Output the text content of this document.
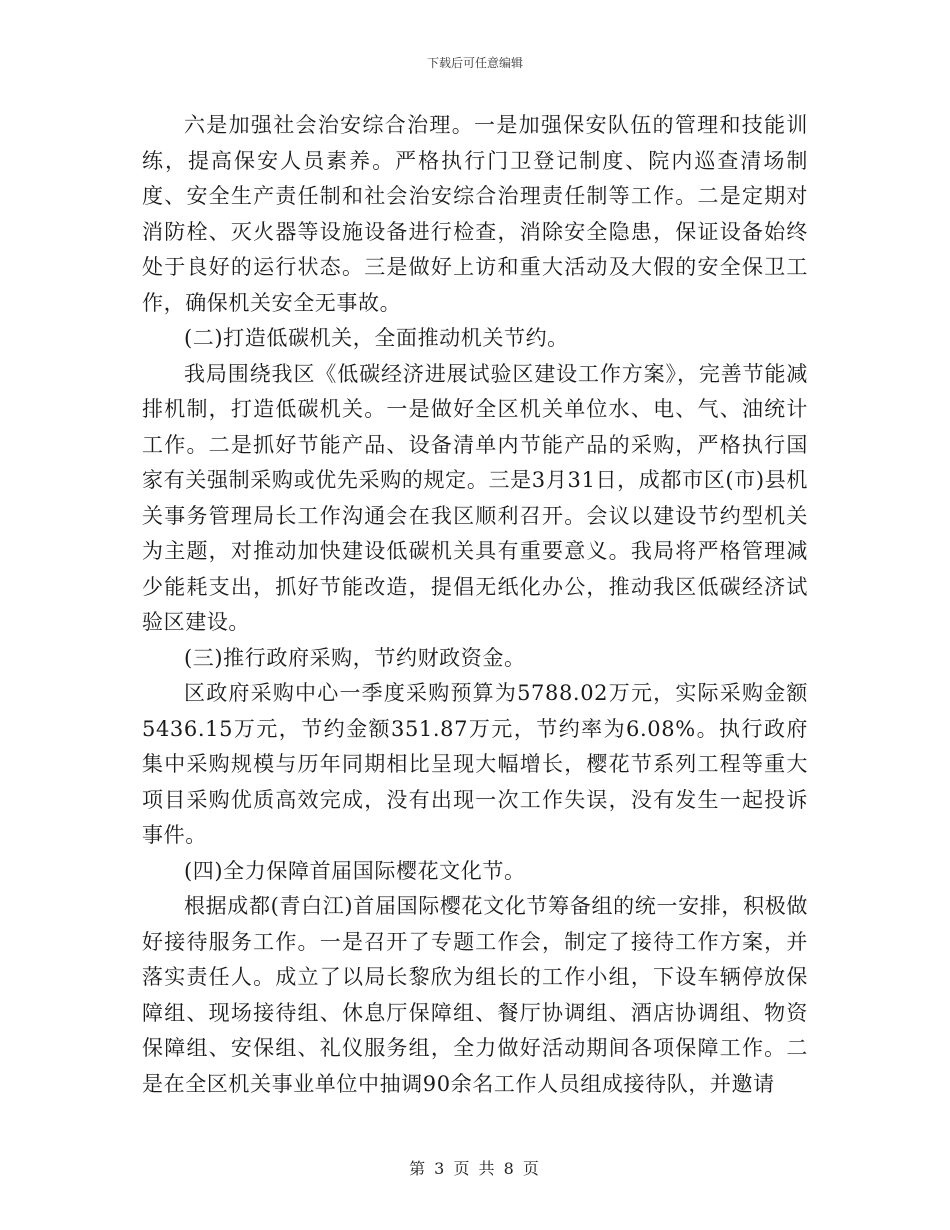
下载后可任意编辑

六是加强社会治安综合治理。一是加强保安队伍的管理和技能训练，提高保安人员素养。严格执行门卫登记制度、院内巡查清场制度、安全生产责任制和社会治安综合治理责任制等工作。二是定期对消防栓、灭火器等设施设备进行检查，消除安全隐患，保证设备始终处于良好的运行状态。三是做好上访和重大活动及大假的安全保卫工作，确保机关安全无事故。

(二)打造低碳机关，全面推动机关节约。

我局围绕我区《低碳经济进展试验区建设工作方案》，完善节能减排机制，打造低碳机关。一是做好全区机关单位水、电、气、油统计工作。二是抓好节能产品、设备清单内节能产品的采购，严格执行国家有关强制采购或优先采购的规定。三是3月31日，成都市区(市)县机关事务管理局长工作沟通会在我区顺利召开。会议以建设节约型机关为主题，对推动加快建设低碳机关具有重要意义。我局将严格管理减少能耗支出，抓好节能改造，提倡无纸化办公，推动我区低碳经济试验区建设。

(三)推行政府采购，节约财政资金。

区政府采购中心一季度采购预算为5788.02万元，实际采购金额5436.15万元，节约金额351.87万元，节约率为6.08%。执行政府集中采购规模与历年同期相比呈现大幅增长，樱花节系列工程等重大项目采购优质高效完成，没有出现一次工作失误，没有发生一起投诉事件。

(四)全力保障首届国际樱花文化节。

根据成都(青白江)首届国际樱花文化节筹备组的统一安排，积极做好接待服务工作。一是召开了专题工作会，制定了接待工作方案，并落实责任人。成立了以局长黎欣为组长的工作小组，下设车辆停放保障组、现场接待组、休息厅保障组、餐厅协调组、酒店协调组、物资保障组、安保组、礼仪服务组，全力做好活动期间各项保障工作。二是在全区机关事业单位中抽调90余名工作人员组成接待队，并邀请

第 3 页 共 8 页
